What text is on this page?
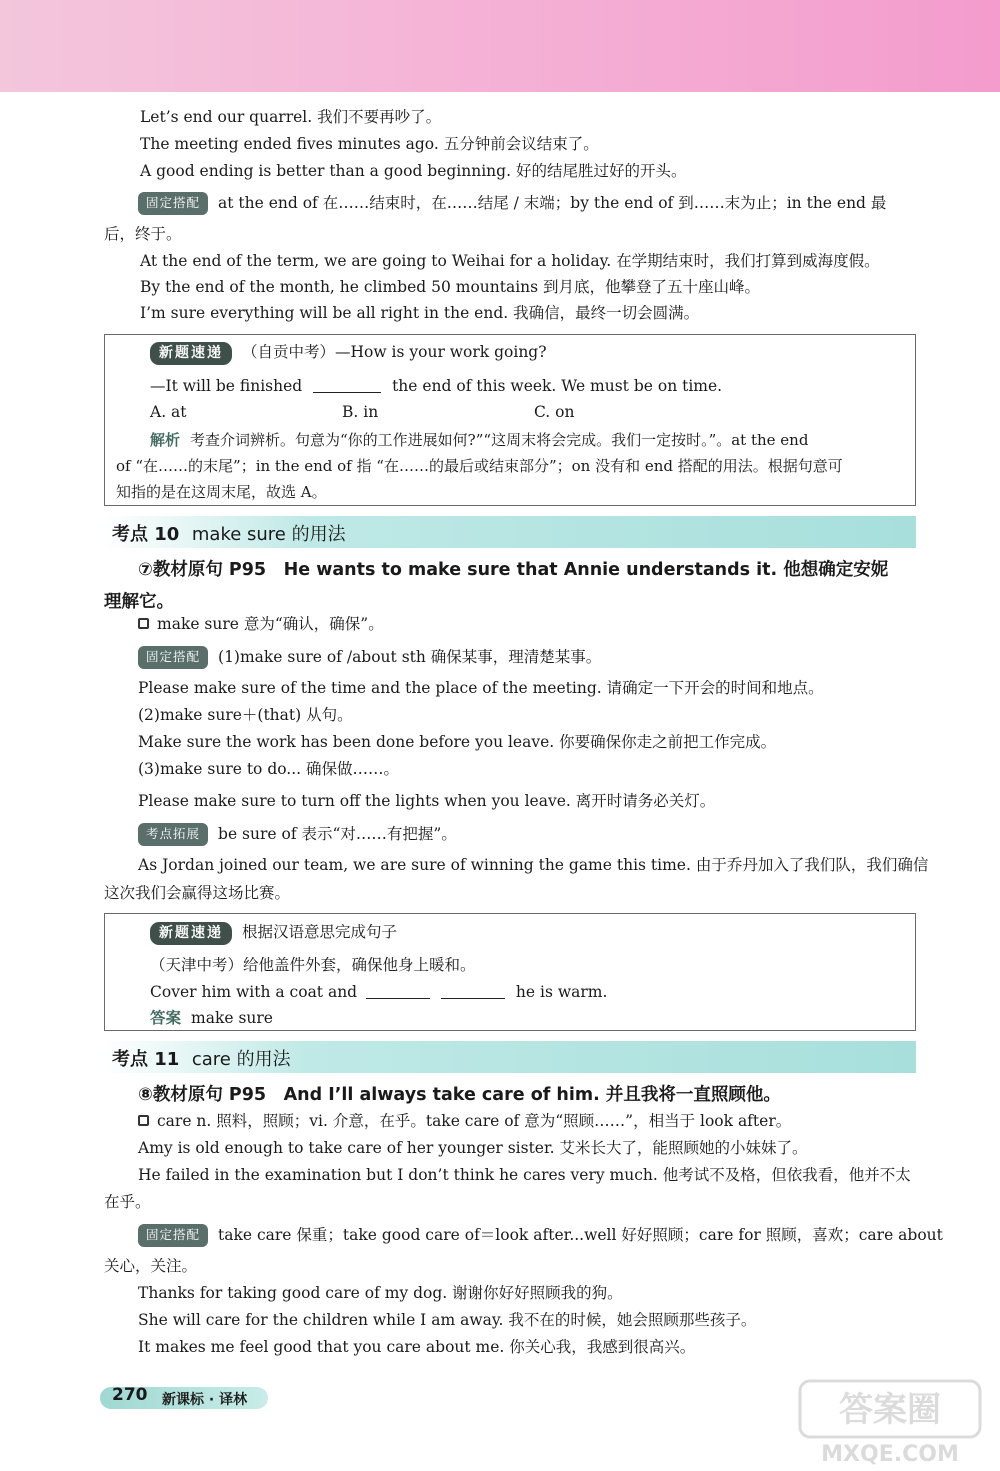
Let’s end our quarrel. 我们不要再吵了。
The meeting ended fives minutes ago. 五分钟前会议结束了。
A good ending is better than a good beginning. 好的结尾胜过好的开头。
固定搭配 at the end of 在……结束时，在……结尾 / 末端；by the end of 到……末为止；in the end 最
后，终于。
At the end of the term, we are going to Weihai for a holiday. 在学期结束时，我们打算到威海度假。
By the end of the month, he climbed 50 mountains 到月底，他攀登了五十座山峰。
I’m sure everything will be all right in the end. 我确信，最终一切会圆满。
新题速递 （自贡中考）—How is your work going?
—It will be finished	the end of this week. We must be on time.
A. at	B. in	C. on
解析 考查介词辨析。句意为“你的工作进展如何?”“这周末将会完成。我们一定按时。”。at the end
of “在……的末尾”；in the end of 指 “在……的最后或结束部分”；on 没有和 end 搭配的用法。根据句意可
知指的是在这周末尾，故选 A。
考点 10 make sure 的用法
⑦教材原句 P95　He wants to make sure that Annie understands it. 他想确定安妮
理解它。
make sure 意为“确认，确保”。
固定搭配 (1)make sure of /about sth 确保某事，理清楚某事。
Please make sure of the time and the place of the meeting. 请确定一下开会的时间和地点。
(2)make sure＋(that) 从句。
Make sure the work has been done before you leave. 你要确保你走之前把工作完成。
(3)make sure to do... 确保做……。
Please make sure to turn off the lights when you leave. 离开时请务必关灯。
考点拓展 be sure of 表示“对……有把握”。
As Jordan joined our team, we are sure of winning the game this time. 由于乔丹加入了我们队，我们确信
这次我们会赢得这场比赛。
新题速递 根据汉语意思完成句子
（天津中考）给他盖件外套，确保他身上暖和。
Cover him with a coat and	he is warm.
答案 make sure
考点 11 care 的用法
⑧教材原句 P95　And I’ll always take care of him. 并且我将一直照顾他。
care n. 照料，照顾；vi. 介意，在乎。take care of 意为“照顾……”，相当于 look after。
Amy is old enough to take care of her younger sister. 艾米长大了，能照顾她的小妹妹了。
He failed in the examination but I don’t think he cares very much. 他考试不及格，但依我看，他并不太
在乎。
固定搭配 take care 保重；take good care of＝look after...well 好好照顾；care for 照顾，喜欢；care about
关心，关注。
Thanks for taking good care of my dog. 谢谢你好好照顾我的狗。
She will care for the children while I am away. 我不在的时候，她会照顾那些孩子。
It makes me feel good that you care about me. 你关心我，我感到很高兴。
270 新课标 · 译林	答案圈
MXQE.COM
